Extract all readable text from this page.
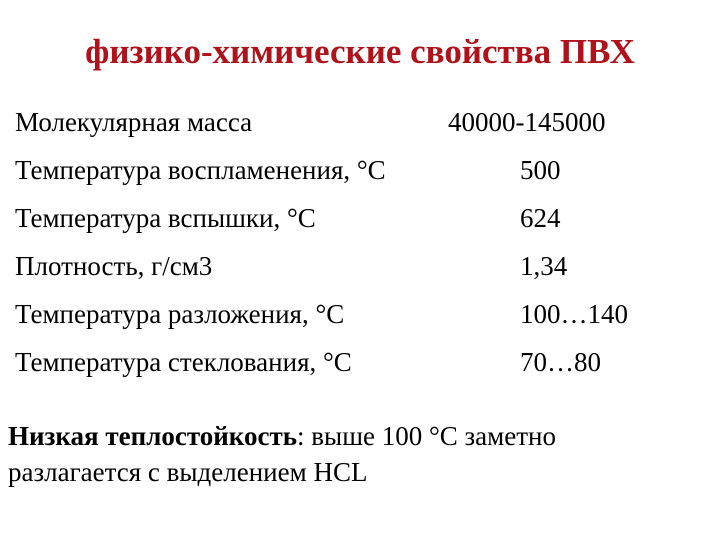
физико-химические свойства ПВХ
Молекулярная масса	40000-145000
Температура воспламенения, °С	500
Температура вспышки, °С	624
Плотность, г/см3	1,34
Температура разложения, °С	100…140
Температура стеклования, °С	70…80
Низкая теплостойкость: выше 100 °С заметно
разлагается с выделением HCL
